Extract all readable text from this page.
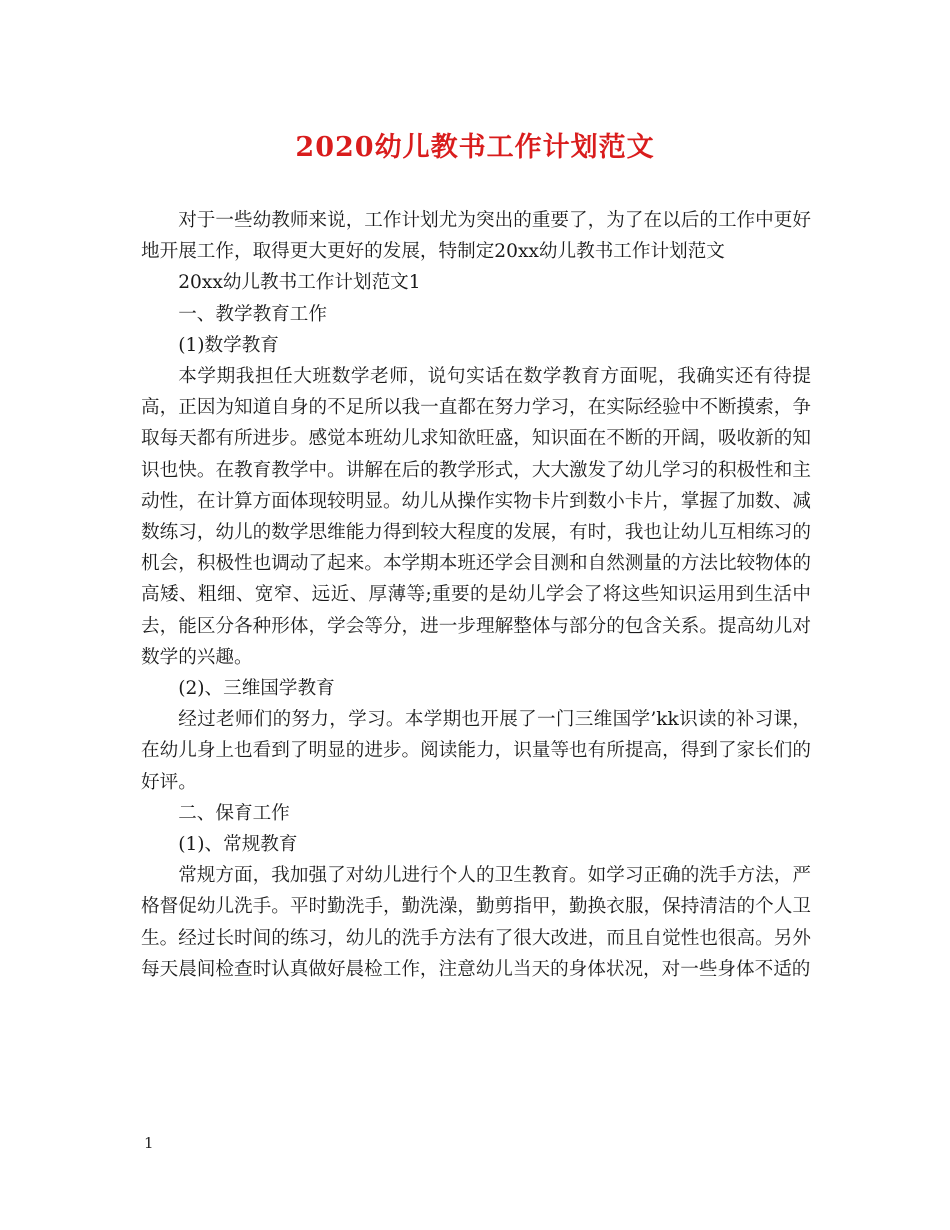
2020幼儿教书工作计划范文

对于一些幼教师来说，工作计划尤为突出的重要了，为了在以后的工作中更好地开展工作，取得更大更好的发展，特制定20xx幼儿教书工作计划范文

20xx幼儿教书工作计划范文1

一、教学教育工作

(1)数学教育

本学期我担任大班数学老师，说句实话在数学教育方面呢，我确实还有待提高，正因为知道自身的不足所以我一直都在努力学习，在实际经验中不断摸索，争取每天都有所进步。感觉本班幼儿求知欲旺盛，知识面在不断的开阔，吸收新的知识也快。在教育教学中。讲解在后的教学形式，大大激发了幼儿学习的积极性和主动性，在计算方面体现较明显。幼儿从操作实物卡片到数小卡片，掌握了加数、减数练习，幼儿的数学思维能力得到较大程度的发展，有时，我也让幼儿互相练习的机会，积极性也调动了起来。本学期本班还学会目测和自然测量的方法比较物体的高矮、粗细、宽窄、远近、厚薄等;重要的是幼儿学会了将这些知识运用到生活中去，能区分各种形体，学会等分，进一步理解整体与部分的包含关系。提高幼儿对数学的兴趣。

(2)、三维国学教育

经过老师们的努力，学习。本学期也开展了一门三维国学’kk识读的补习课，在幼儿身上也看到了明显的进步。阅读能力，识量等也有所提高，得到了家长们的好评。

二、保育工作

(1)、常规教育

常规方面，我加强了对幼儿进行个人的卫生教育。如学习正确的洗手方法，严格督促幼儿洗手。平时勤洗手，勤洗澡，勤剪指甲，勤换衣服，保持清洁的个人卫生。经过长时间的练习，幼儿的洗手方法有了很大改进，而且自觉性也很高。另外每天晨间检查时认真做好晨检工作，注意幼儿当天的身体状况，对一些身体不适的

1
